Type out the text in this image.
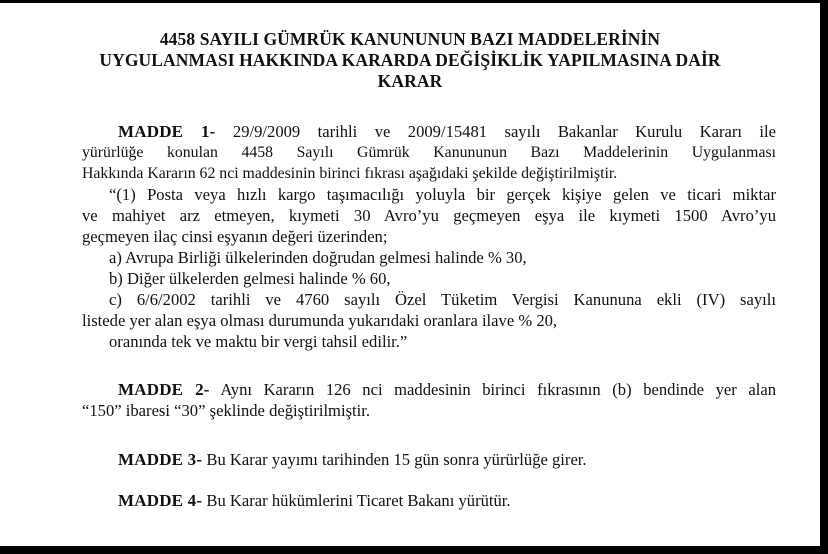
4458 SAYILI GÜMRÜK KANUNUNUN BAZI MADDELERİNİN
UYGULANMASI HAKKINDA KARARDA DEĞİŞİKLİK YAPILMASINA DAİR
KARAR
MADDE 1- 29/9/2009 tarihli ve 2009/15481 sayılı Bakanlar Kurulu Kararı ile
yürürlüğe konulan 4458 Sayılı Gümrük Kanununun Bazı Maddelerinin Uygulanması
Hakkında Kararın 62 nci maddesinin birinci fıkrası aşağıdaki şekilde değiştirilmiştir.
“(1) Posta veya hızlı kargo taşımacılığı yoluyla bir gerçek kişiye gelen ve ticari miktar
ve mahiyet arz etmeyen, kıymeti 30 Avro’yu geçmeyen eşya ile kıymeti 1500 Avro’yu
geçmeyen ilaç cinsi eşyanın değeri üzerinden;
a) Avrupa Birliği ülkelerinden doğrudan gelmesi halinde % 30,
b) Diğer ülkelerden gelmesi halinde % 60,
c) 6/6/2002 tarihli ve 4760 sayılı Özel Tüketim Vergisi Kanununa ekli (IV) sayılı
listede yer alan eşya olması durumunda yukarıdaki oranlara ilave % 20,
oranında tek ve maktu bir vergi tahsil edilir.”
MADDE 2- Aynı Kararın 126 nci maddesinin birinci fıkrasının (b) bendinde yer alan
“150” ibaresi “30” şeklinde değiştirilmiştir.
MADDE 3- Bu Karar yayımı tarihinden 15 gün sonra yürürlüğe girer.
MADDE 4- Bu Karar hükümlerini Ticaret Bakanı yürütür.
